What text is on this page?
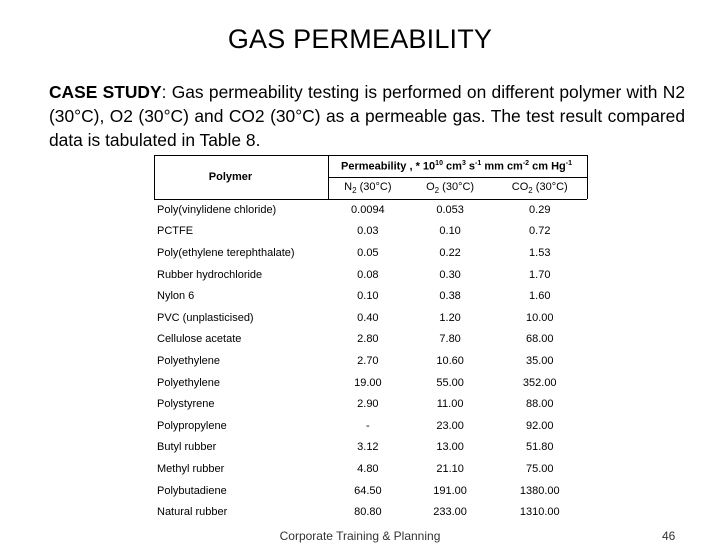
GAS PERMEABILITY
CASE STUDY: Gas permeability testing is performed on different polymer with N2 (30°C), O2 (30°C) and CO2 (30°C) as a permeable gas. The test result compared data is tabulated in Table 8.
Polymer	Permeability , * $10^{10}$ $cm^3$ $s^{-1}$ mm $cm^{-2}$ cm $Hg^{-1}$
	$N_2$ (30°C)	$O_2$ (30°C)	$CO_2$ (30°C)
Poly(vinylidene chloride)	0.0094	0.053	0.29
PCTFE	0.03	0.10	0.72
Poly(ethylene terephthalate)	0.05	0.22	1.53
Rubber hydrochloride	0.08	0.30	1.70
Nylon 6	0.10	0.38	1.60
PVC (unplasticised)	0.40	1.20	10.00
Cellulose acetate	2.80	7.80	68.00
Polyethylene	2.70	10.60	35.00
Polyethylene	19.00	55.00	352.00
Polystyrene	2.90	11.00	88.00
Polypropylene	-	23.00	92.00
Butyl rubber	3.12	13.00	51.80
Methyl rubber	4.80	21.10	75.00
Polybutadiene	64.50	191.00	1380.00
Natural rubber	80.80	233.00	1310.00
Corporate Training & Planning	46
